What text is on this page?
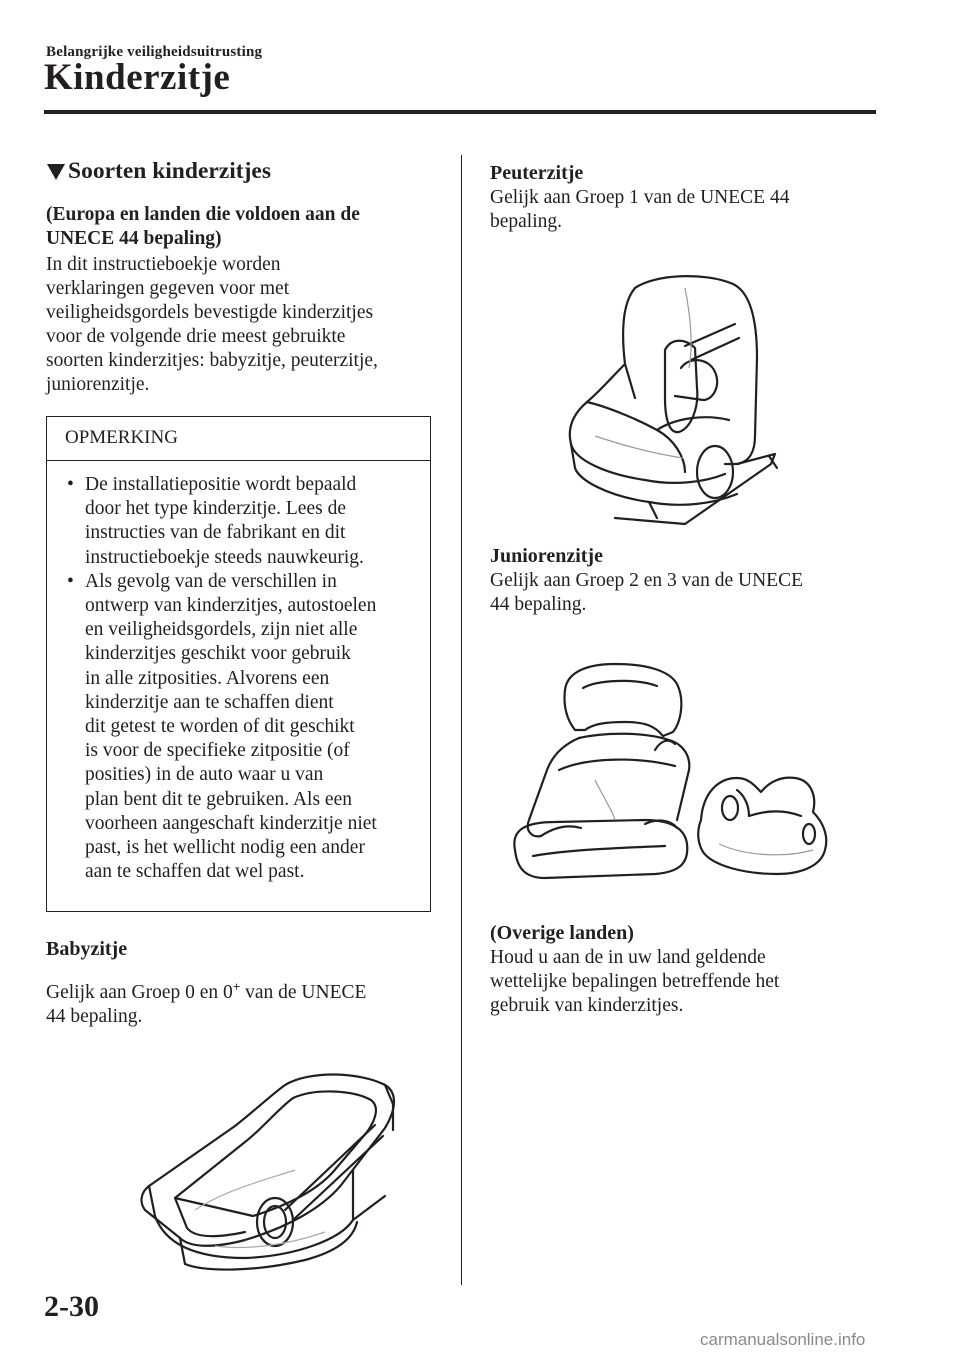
Belangrijke veiligheidsuitrusting
Kinderzitje
Soorten kinderzitjes
(Europa en landen die voldoen aan de
UNECE 44 bepaling)
In dit instructieboekje worden
verklaringen gegeven voor met
veiligheidsgordels bevestigde kinderzitjes
voor de volgende drie meest gebruikte
soorten kinderzitjes: babyzitje, peuterzitje,
juniorenzitje.
OPMERKING
• De installatiepositie wordt bepaald
door het type kinderzitje. Lees de
instructies van de fabrikant en dit
instructieboekje steeds nauwkeurig.
• Als gevolg van de verschillen in
ontwerp van kinderzitjes, autostoelen
en veiligheidsgordels, zijn niet alle
kinderzitjes geschikt voor gebruik
in alle zitposities. Alvorens een
kinderzitje aan te schaffen dient
dit getest te worden of dit geschikt
is voor de specifieke zitpositie (of
posities) in de auto waar u van
plan bent dit te gebruiken. Als een
voorheen aangeschaft kinderzitje niet
past, is het wellicht nodig een ander
aan te schaffen dat wel past.
Babyzitje
Gelijk aan Groep 0 en 0+ van de UNECE
44 bepaling.
Peuterzitje
Gelijk aan Groep 1 van de UNECE 44
bepaling.
Juniorenzitje
Gelijk aan Groep 2 en 3 van de UNECE
44 bepaling.
(Overige landen)
Houd u aan de in uw land geldende
wettelijke bepalingen betreffende het
gebruik van kinderzitjes.
2-30
carmanualsonline.info
